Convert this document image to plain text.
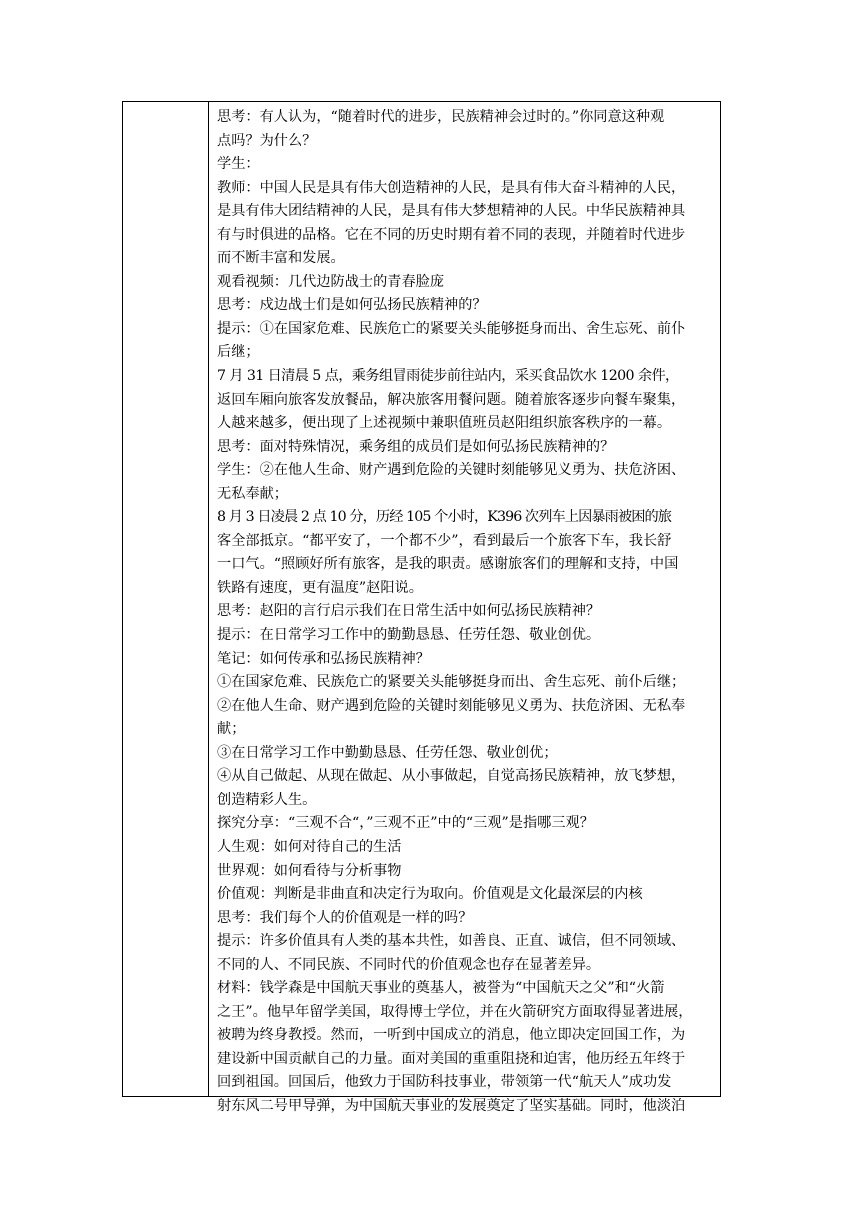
思考：有人认为，“随着时代的进步，民族精神会过时的。”你同意这种观
点吗？为什么？
学生：
教师：中国人民是具有伟大创造精神的人民，是具有伟大奋斗精神的人民，
是具有伟大团结精神的人民，是具有伟大梦想精神的人民。中华民族精神具
有与时俱进的品格。它在不同的历史时期有着不同的表现，并随着时代进步
而不断丰富和发展。
观看视频：几代边防战士的青春脸庞
思考：戍边战士们是如何弘扬民族精神的？
提示：①在国家危难、民族危亡的紧要关头能够挺身而出、舍生忘死、前仆
后继；
7 月 31 日清晨 5 点，乘务组冒雨徒步前往站内，采买食品饮水 1200 余件，
返回车厢向旅客发放餐品，解决旅客用餐问题。随着旅客逐步向餐车聚集，
人越来越多，便出现了上述视频中兼职值班员赵阳组织旅客秩序的一幕。
思考：面对特殊情况，乘务组的成员们是如何弘扬民族精神的？
学生：②在他人生命、财产遇到危险的关键时刻能够见义勇为、扶危济困、
无私奉献；
8 月 3 日凌晨 2 点 10 分，历经 105 个小时，K396 次列车上因暴雨被困的旅
客全部抵京。“都平安了，一个都不少”，看到最后一个旅客下车，我长舒
一口气。“照顾好所有旅客，是我的职责。感谢旅客们的理解和支持，中国
铁路有速度，更有温度”赵阳说。
思考：赵阳的言行启示我们在日常生活中如何弘扬民族精神？
提示：在日常学习工作中的勤勤恳恳、任劳任怨、敬业创优。
笔记：如何传承和弘扬民族精神？
①在国家危难、民族危亡的紧要关头能够挺身而出、舍生忘死、前仆后继；
②在他人生命、财产遇到危险的关键时刻能够见义勇为、扶危济困、无私奉
献；
③在日常学习工作中勤勤恳恳、任劳任怨、敬业创优；
④从自己做起、从现在做起、从小事做起，自觉高扬民族精神，放飞梦想，
创造精彩人生。
探究分享：“三观不合“，”三观不正”中的“三观”是指哪三观？
人生观：如何对待自己的生活
世界观：如何看待与分析事物
价值观：判断是非曲直和决定行为取向。价值观是文化最深层的内核
思考：我们每个人的价值观是一样的吗？
提示：许多价值具有人类的基本共性，如善良、正直、诚信，但不同领域、
不同的人、不同民族、不同时代的价值观念也存在显著差异。
材料：钱学森是中国航天事业的奠基人，被誉为“中国航天之父”和“火箭
之王”。他早年留学美国，取得博士学位，并在火箭研究方面取得显著进展，
被聘为终身教授。然而，一听到中国成立的消息，他立即决定回国工作，为
建设新中国贡献自己的力量。面对美国的重重阻挠和迫害，他历经五年终于
回到祖国。回国后，他致力于国防科技事业，带领第一代“航天人”成功发
射东风二号甲导弹，为中国航天事业的发展奠定了坚实基础。同时，他淡泊
